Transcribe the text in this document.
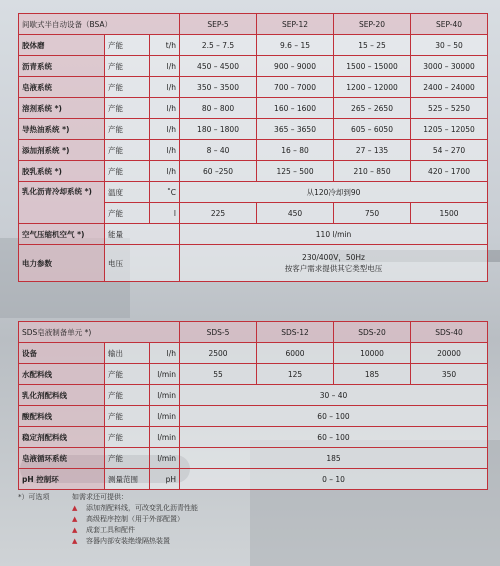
间歇式半自动设备（BSA）			SEP-5	SEP-12	SEP-20	SEP-40
胶体磨	产能	t/h	2.5 – 7.5	9.6 – 15	15 – 25	30 – 50
沥青系统	产能	l/h	450 – 4500	900 – 9000	1500 – 15000	3000 – 30000
皂液系统	产能	l/h	350 – 3500	700 – 7000	1200 – 12000	2400 – 24000
溶剂系统 *)	产能	l/h	80 – 800	160 – 1600	265 – 2650	525 – 5250
导热油系统 *)	产能	l/h	180 – 1800	365 – 3650	605 – 6050	1205 – 12050
添加剂系统 *)	产能	l/h	8 – 40	16 – 80	27 – 135	54 – 270
胶乳系统 *)	产能	l/h	60 –250	125 – 500	210 – 850	420 – 1700
乳化沥青冷却系统 *)	温度	˚C	从120冷却到90			
	产能	l	225	450	750	1500
空气压缩机空气 *)	能量		110 l/min			
电力参数	电压		230/400V，50Hz
按客户需求提供其它类型电压			
SDS皂液制备单元 *)			SDS-5	SDS-12	SDS-20	SDS-40
设备	输出	l/h	2500	6000	10000	20000
水配料线	产能	l/min	55	125	185	350
乳化剂配料线	产能	l/min	30 – 40			
酸配料线	产能	l/min	60 – 100			
稳定剂配料线	产能	l/min	60 – 100			
皂液循环系统	产能	l/min	185			
pH 控制环	测量范围	pH	0 – 10			
*）可选项	如需求还可提供：
▲ 添加剂配料线，可改变乳化沥青性能
▲ 高级程序控制（用于外部配置）
▲ 成套工具和配件
▲ 容器内部安装绝缘隔热装置
